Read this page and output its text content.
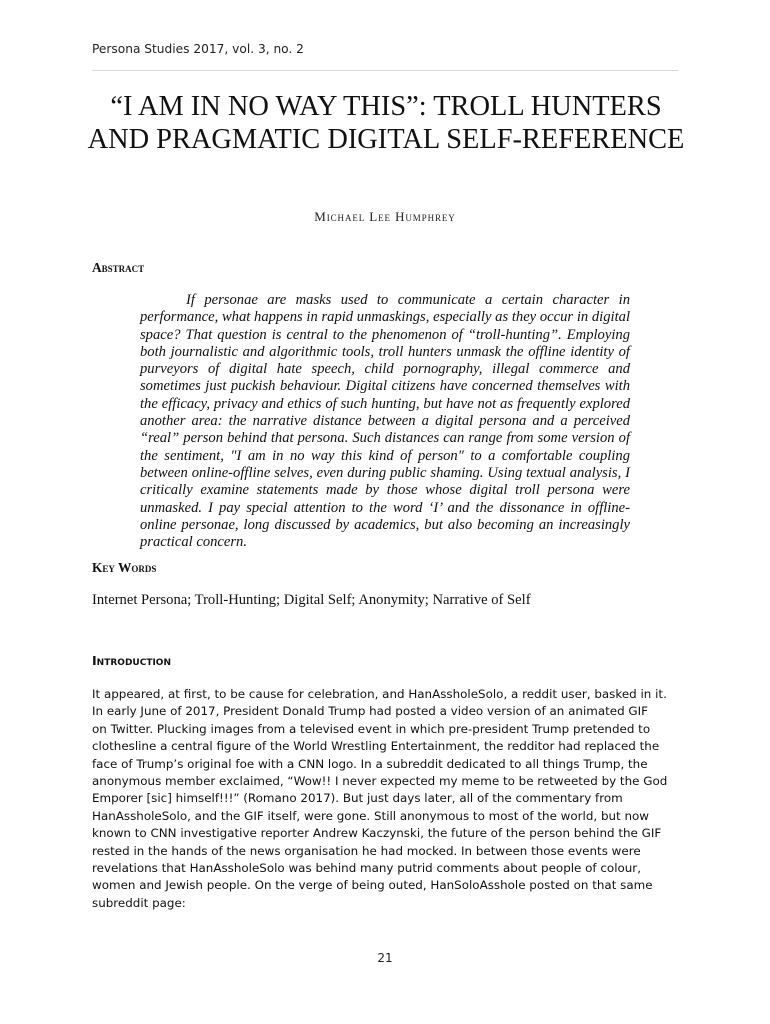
Persona Studies 2017, vol. 3, no. 2
“I AM IN NO WAY THIS”: TROLL HUNTERS AND PRAGMATIC DIGITAL SELF-REFERENCE
Michael Lee Humphrey
Abstract

If personae are masks used to communicate a certain character in performance, what happens in rapid unmaskings, especially as they occur in digital space? That question is central to the phenomenon of “troll-hunting”. Employing both journalistic and algorithmic tools, troll hunters unmask the offline identity of purveyors of digital hate speech, child pornography, illegal commerce and sometimes just puckish behaviour. Digital citizens have concerned themselves with the efficacy, privacy and ethics of such hunting, but have not as frequently explored another area: the narrative distance between a digital persona and a perceived “real” person behind that persona. Such distances can range from some version of the sentiment, "I am in no way this kind of person" to a comfortable coupling between online-offline selves, even during public shaming. Using textual analysis, I critically examine statements made by those whose digital troll persona were unmasked. I pay special attention to the word ‘I’ and the dissonance in offline-online personae, long discussed by academics, but also becoming an increasingly practical concern.

Key Words

Internet Persona; Troll-Hunting; Digital Self; Anonymity; Narrative of Self

Introduction

It appeared, at first, to be cause for celebration, and HanAssholeSolo, a reddit user, basked in it.
In early June of 2017, President Donald Trump had posted a video version of an animated GIF
on Twitter. Plucking images from a televised event in which pre-president Trump pretended to
clothesline a central figure of the World Wrestling Entertainment, the redditor had replaced the
face of Trump’s original foe with a CNN logo. In a subreddit dedicated to all things Trump, the
anonymous member exclaimed, “Wow!! I never expected my meme to be retweeted by the God
Emporer [sic] himself!!!” (Romano 2017). But just days later, all of the commentary from
HanAssholeSolo, and the GIF itself, were gone. Still anonymous to most of the world, but now
known to CNN investigative reporter Andrew Kaczynski, the future of the person behind the GIF
rested in the hands of the news organisation he had mocked. In between those events were
revelations that HanAssholeSolo was behind many putrid comments about people of colour,
women and Jewish people. On the verge of being outed, HanSoloAsshole posted on that same
subreddit page:

21
